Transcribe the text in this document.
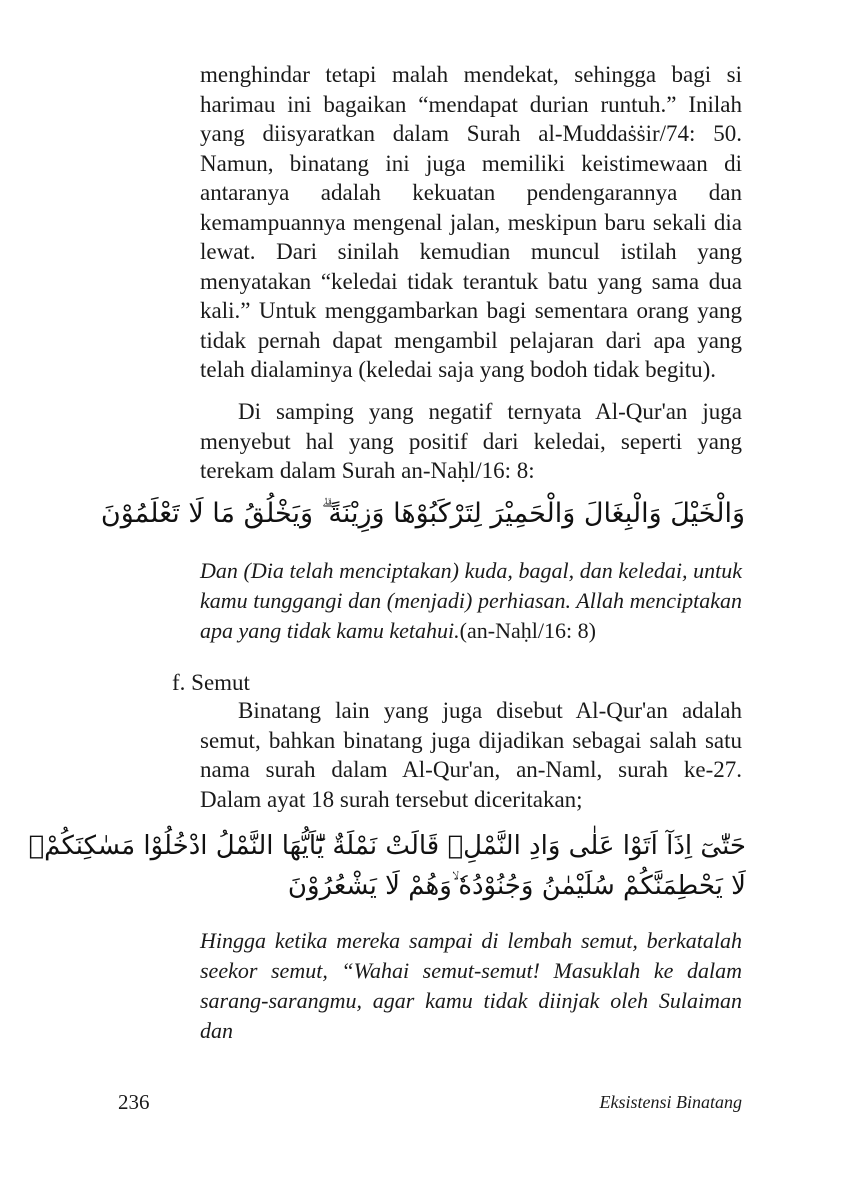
menghindar tetapi malah mendekat, sehingga bagi si harimau ini bagaikan “mendapat durian runtuh.” Inilah yang diisyaratkan dalam Surah al-Muddaṡṡir/74: 50. Namun, binatang ini juga memiliki keistimewaan di antaranya adalah kekuatan pendengarannya dan kemampuannya mengenal jalan, meskipun baru sekali dia lewat. Dari sinilah kemudian muncul istilah yang menyatakan “keledai tidak terantuk batu yang sama dua kali.” Untuk menggambarkan bagi sementara orang yang tidak pernah dapat mengambil pelajaran dari apa yang telah dialaminya (keledai saja yang bodoh tidak begitu).

Di samping yang negatif ternyata Al-Qur'an juga menyebut hal yang positif dari keledai, seperti yang terekam dalam Surah an-Naḥl/16: 8:

وَالْخَيْلَ وَالْبِغَالَ وَالْحَمِيْرَ لِتَرْكَبُوْهَا وَزِيْنَةً ۗ وَيَخْلُقُ مَا لَا تَعْلَمُوْنَ

Dan (Dia telah menciptakan) kuda, bagal, dan keledai, untuk kamu tunggangi dan (menjadi) perhiasan. Allah menciptakan apa yang tidak kamu ketahui.(an-Naḥl/16: 8)

f. Semut

Binatang lain yang juga disebut Al-Qur'an adalah semut, bahkan binatang juga dijadikan sebagai salah satu nama surah dalam Al-Qur'an, an-Naml, surah ke-27. Dalam ayat 18 surah tersebut diceritakan;

حَتّٰىٓ اِذَآ اَتَوْا عَلٰى وَادِ النَّمْلِۙ قَالَتْ نَمْلَةٌ يّٰٓاَيُّهَا النَّمْلُ ادْخُلُوْا مَسٰكِنَكُمْۚ
لَا يَحْطِمَنَّكُمْ سُلَيْمٰنُ وَجُنُوْدُهٗ ۙوَهُمْ لَا يَشْعُرُوْنَ

Hingga ketika mereka sampai di lembah semut, berkatalah seekor semut, “Wahai semut-semut! Masuklah ke dalam sarang-sarangmu, agar kamu tidak diinjak oleh Sulaiman dan

236	Eksistensi Binatang
